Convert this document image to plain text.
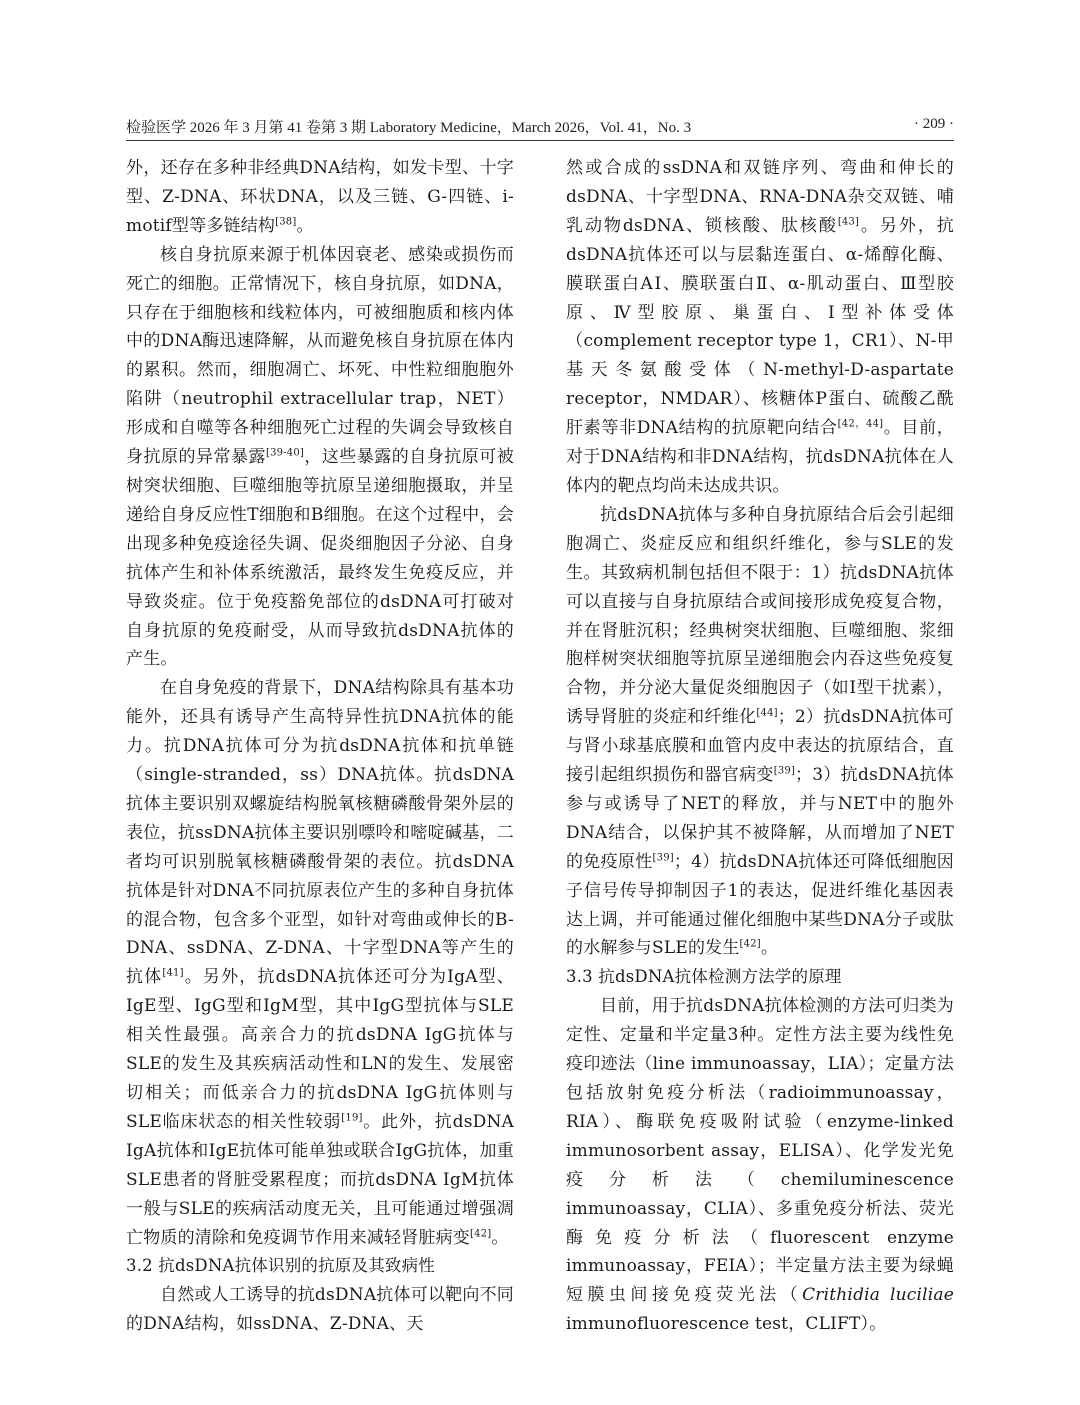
检验医学 2026 年 3 月第 41 卷第 3 期 Laboratory Medicine，March 2026，Vol. 41，No. 3	· 209 ·

外，还存在多种非经典DNA结构，如发卡型、十字型、Z-DNA、环状DNA，以及三链、G-四链、i-motif型等多链结构[38]。

核自身抗原来源于机体因衰老、感染或损伤而死亡的细胞。正常情况下，核自身抗原，如DNA，只存在于细胞核和线粒体内，可被细胞质和核内体中的DNA酶迅速降解，从而避免核自身抗原在体内的累积。然而，细胞凋亡、坏死、中性粒细胞胞外陷阱（neutrophil extracellular trap，NET）形成和自噬等各种细胞死亡过程的失调会导致核自身抗原的异常暴露[39-40]，这些暴露的自身抗原可被树突状细胞、巨噬细胞等抗原呈递细胞摄取，并呈递给自身反应性T细胞和B细胞。在这个过程中，会出现多种免疫途径失调、促炎细胞因子分泌、自身抗体产生和补体系统激活，最终发生免疫反应，并导致炎症。位于免疫豁免部位的dsDNA可打破对自身抗原的免疫耐受，从而导致抗dsDNA抗体的产生。

在自身免疫的背景下，DNA结构除具有基本功能外，还具有诱导产生高特异性抗DNA抗体的能力。抗DNA抗体可分为抗dsDNA抗体和抗单链（single-stranded，ss）DNA抗体。抗dsDNA抗体主要识别双螺旋结构脱氧核糖磷酸骨架外层的表位，抗ssDNA抗体主要识别嘌呤和嘧啶碱基，二者均可识别脱氧核糖磷酸骨架的表位。抗dsDNA抗体是针对DNA不同抗原表位产生的多种自身抗体的混合物，包含多个亚型，如针对弯曲或伸长的B-DNA、ssDNA、Z-DNA、十字型DNA等产生的抗体[41]。另外，抗dsDNA抗体还可分为IgA型、IgE型、IgG型和IgM型，其中IgG型抗体与SLE相关性最强。高亲合力的抗dsDNA IgG抗体与SLE的发生及其疾病活动性和LN的发生、发展密切相关；而低亲合力的抗dsDNA IgG抗体则与SLE临床状态的相关性较弱[19]。此外，抗dsDNA IgA抗体和IgE抗体可能单独或联合IgG抗体，加重SLE患者的肾脏受累程度；而抗dsDNA IgM抗体一般与SLE的疾病活动度无关，且可能通过增强凋亡物质的清除和免疫调节作用来减轻肾脏病变[42]。

3.2 抗dsDNA抗体识别的抗原及其致病性

自然或人工诱导的抗dsDNA抗体可以靶向不同的DNA结构，如ssDNA、Z-DNA、天

然或合成的ssDNA和双链序列、弯曲和伸长的dsDNA、十字型DNA、RNA-DNA杂交双链、哺乳动物dsDNA、锁核酸、肽核酸[43]。另外，抗dsDNA抗体还可以与层黏连蛋白、α-烯醇化酶、膜联蛋白AⅠ、膜联蛋白Ⅱ、α-肌动蛋白、Ⅲ型胶原、Ⅳ型胶原、巢蛋白、Ⅰ型补体受体（complement receptor type 1，CR1）、N-甲基天冬氨酸受体（N-methyl-D-aspartate receptor，NMDAR）、核糖体P蛋白、硫酸乙酰肝素等非DNA结构的抗原靶向结合[42，44]。目前，对于DNA结构和非DNA结构，抗dsDNA抗体在人体内的靶点均尚未达成共识。

抗dsDNA抗体与多种自身抗原结合后会引起细胞凋亡、炎症反应和组织纤维化，参与SLE的发生。其致病机制包括但不限于：1）抗dsDNA抗体可以直接与自身抗原结合或间接形成免疫复合物，并在肾脏沉积；经典树突状细胞、巨噬细胞、浆细胞样树突状细胞等抗原呈递细胞会内吞这些免疫复合物，并分泌大量促炎细胞因子（如Ⅰ型干扰素），诱导肾脏的炎症和纤维化[44]；2）抗dsDNA抗体可与肾小球基底膜和血管内皮中表达的抗原结合，直接引起组织损伤和器官病变[39]；3）抗dsDNA抗体参与或诱导了NET的释放，并与NET中的胞外DNA结合，以保护其不被降解，从而增加了NET的免疫原性[39]；4）抗dsDNA抗体还可降低细胞因子信号传导抑制因子1的表达，促进纤维化基因表达上调，并可能通过催化细胞中某些DNA分子或肽的水解参与SLE的发生[42]。

3.3 抗dsDNA抗体检测方法学的原理

目前，用于抗dsDNA抗体检测的方法可归类为定性、定量和半定量3种。定性方法主要为线性免疫印迹法（line immunoassay，LIA）；定量方法包括放射免疫分析法（radioimmunoassay，RIA）、酶联免疫吸附试验（enzyme-linked immunosorbent assay，ELISA）、化学发光免疫分析法（chemiluminescence immunoassay，CLIA）、多重免疫分析法、荧光酶免疫分析法（fluorescent enzyme immunoassay，FEIA）；半定量方法主要为绿蝇短膜虫间接免疫荧光法（Crithidia luciliae immunofluorescence test，CLIFT）。
